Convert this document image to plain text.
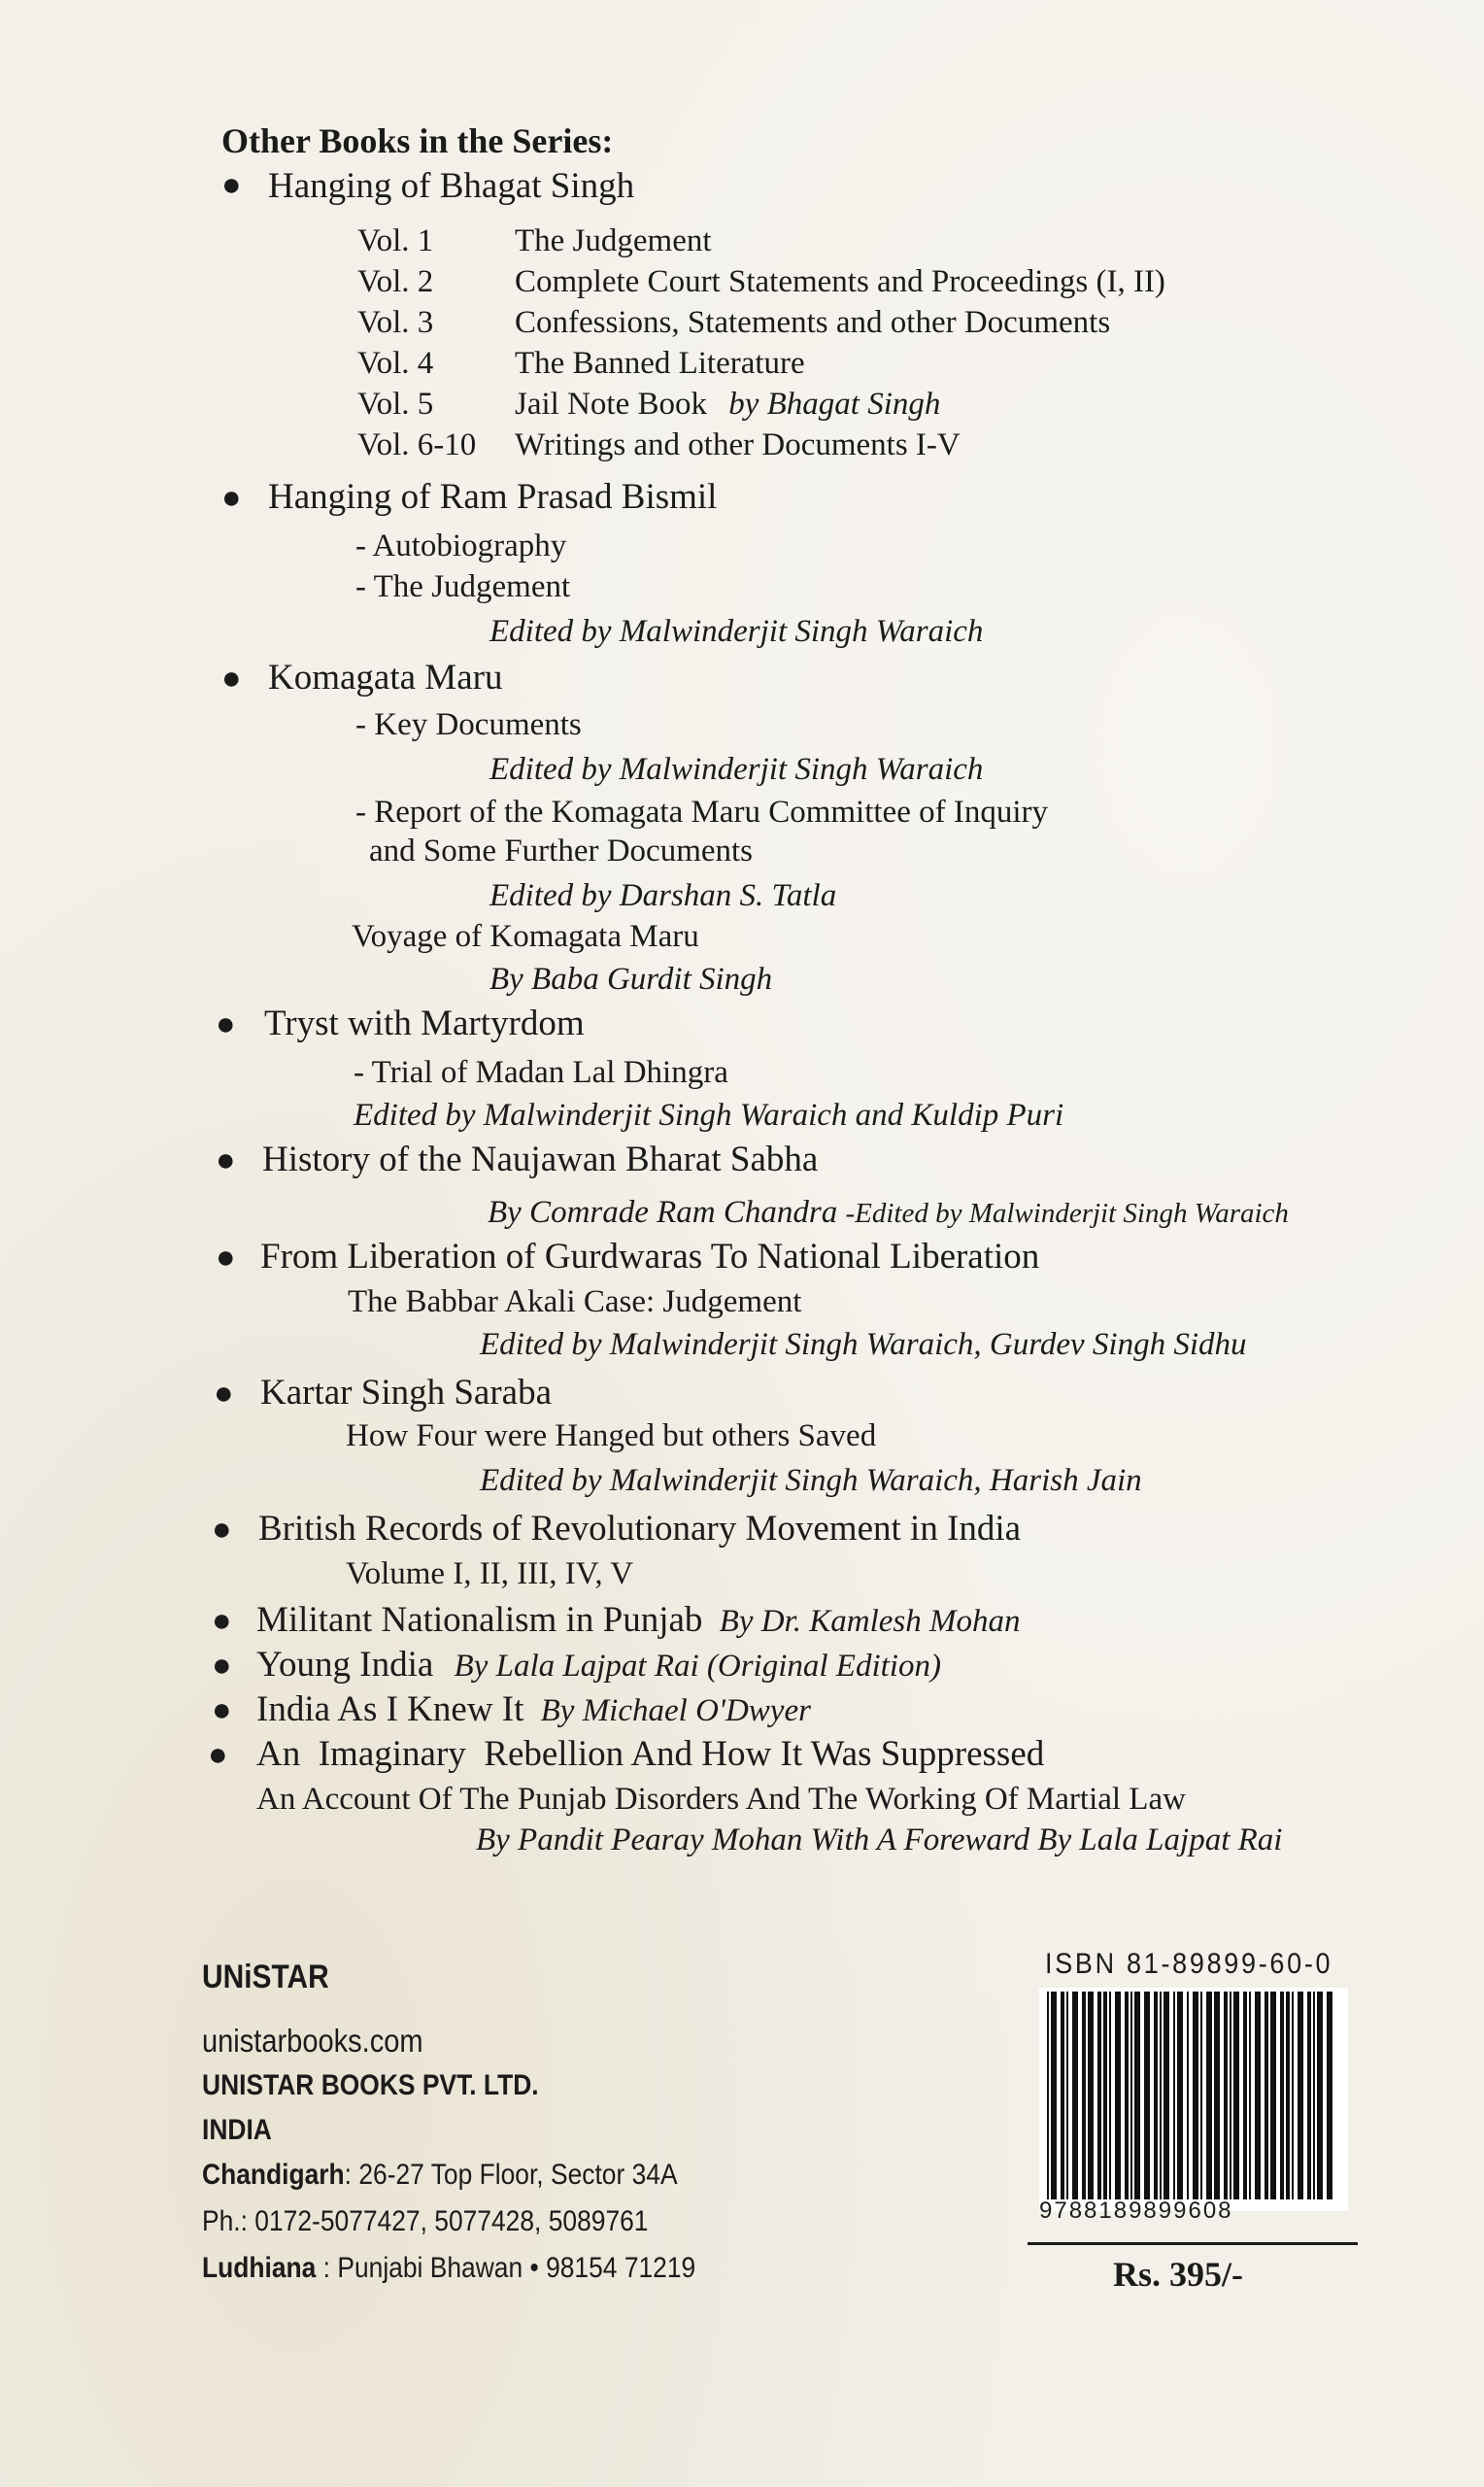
Other Books in the Series:
● Hanging of Bhagat Singh
Vol. 1	The Judgement
Vol. 2	Complete Court Statements and Proceedings (I, II)
Vol. 3	Confessions, Statements and other Documents
Vol. 4	The Banned Literature
Vol. 5	Jail Note Book by Bhagat Singh
Vol. 6-10 Writings and other Documents I-V
● Hanging of Ram Prasad Bismil
- Autobiography
- The Judgement
Edited by Malwinderjit Singh Waraich
● Komagata Maru
- Key Documents
Edited by Malwinderjit Singh Waraich
- Report of the Komagata Maru Committee of Inquiry
and Some Further Documents
Edited by Darshan S. Tatla
Voyage of Komagata Maru
By Baba Gurdit Singh
● Tryst with Martyrdom
- Trial of Madan Lal Dhingra
Edited by Malwinderjit Singh Waraich and Kuldip Puri
● History of the Naujawan Bharat Sabha
By Comrade Ram Chandra -Edited by Malwinderjit Singh Waraich
● From Liberation of Gurdwaras To National Liberation
The Babbar Akali Case: Judgement
Edited by Malwinderjit Singh Waraich, Gurdev Singh Sidhu
● Kartar Singh Saraba
How Four were Hanged but others Saved
Edited by Malwinderjit Singh Waraich, Harish Jain
● British Records of Revolutionary Movement in India
Volume I, II, III, IV, V
● Militant Nationalism in Punjab By Dr. Kamlesh Mohan
● Young India By Lala Lajpat Rai (Original Edition)
● India As I Knew It By Michael O'Dwyer
● An  Imaginary  Rebellion And How It Was Suppressed
An Account Of The Punjab Disorders And The Working Of Martial Law
By Pandit Pearay Mohan With A Foreward By Lala Lajpat Rai
UNiSTAR
unistarbooks.com
UNISTAR BOOKS PVT. LTD.
INDIA
Chandigarh: 26-27 Top Floor, Sector 34A
Ph.: 0172-5077427, 5077428, 5089761
Ludhiana : Punjabi Bhawan • 98154 71219
ISBN 81-89899-60-0
9788189899608
Rs. 395/-
